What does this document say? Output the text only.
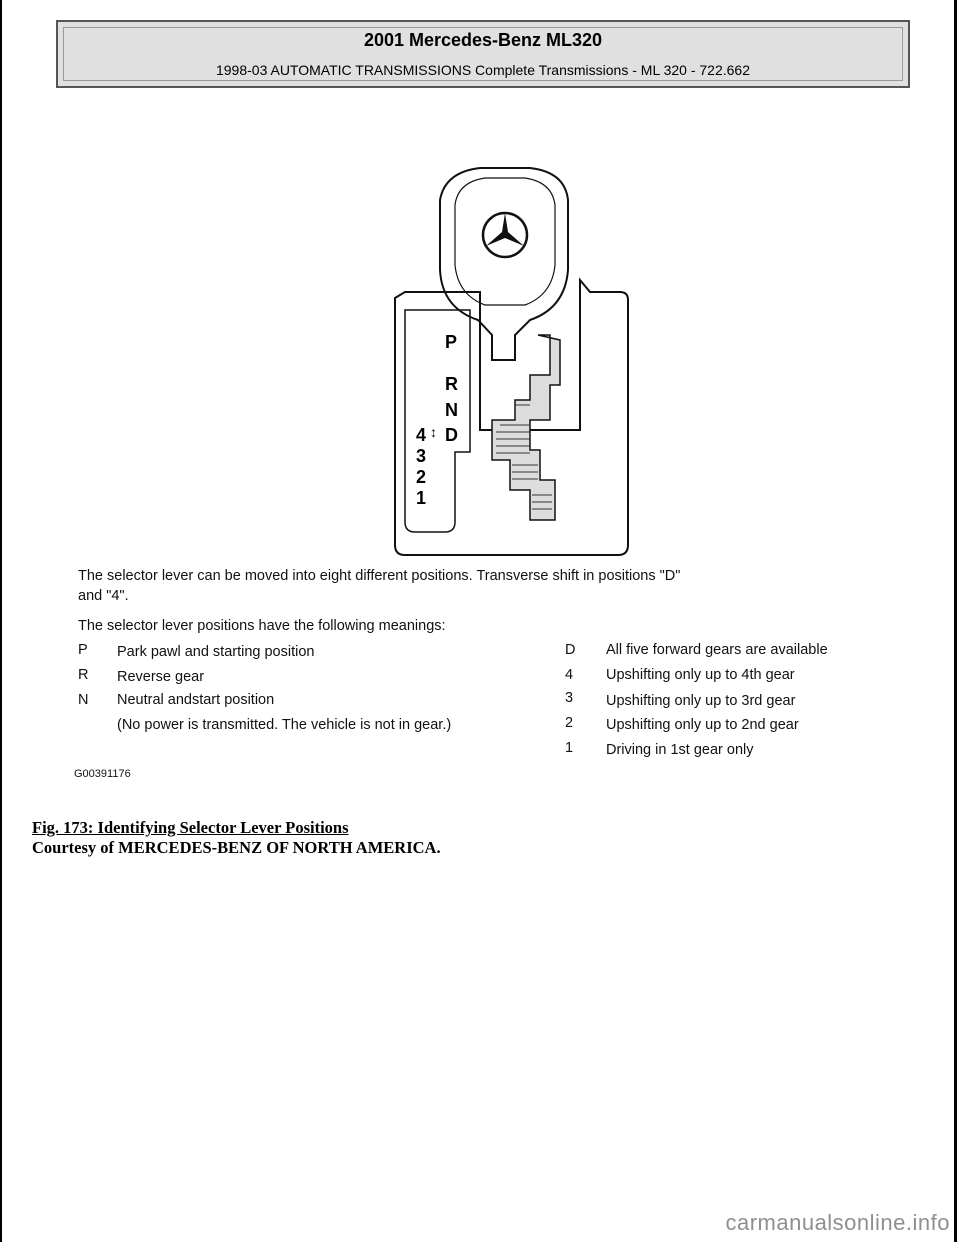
2001 Mercedes-Benz ML320
1998-03 AUTOMATIC TRANSMISSIONS Complete Transmissions - ML 320 - 722.662
P
R
N
4 ↕ D
3
2
1
The selector lever can be moved into eight different positions. Transverse shift in positions "D"
and "4".
The selector lever positions have the following meanings:
P Park pawl and starting position
R Reverse gear
N Neutral andstart position
(No power is transmitted. The vehicle is not in gear.)
D All five forward gears are available
4 Upshifting only up to 4th gear
3 Upshifting only up to 3rd gear
2 Upshifting only up to 2nd gear
1 Driving in 1st gear only
G00391176
Fig. 173: Identifying Selector Lever Positions
Courtesy of MERCEDES-BENZ OF NORTH AMERICA.
carmanualsonline.info
